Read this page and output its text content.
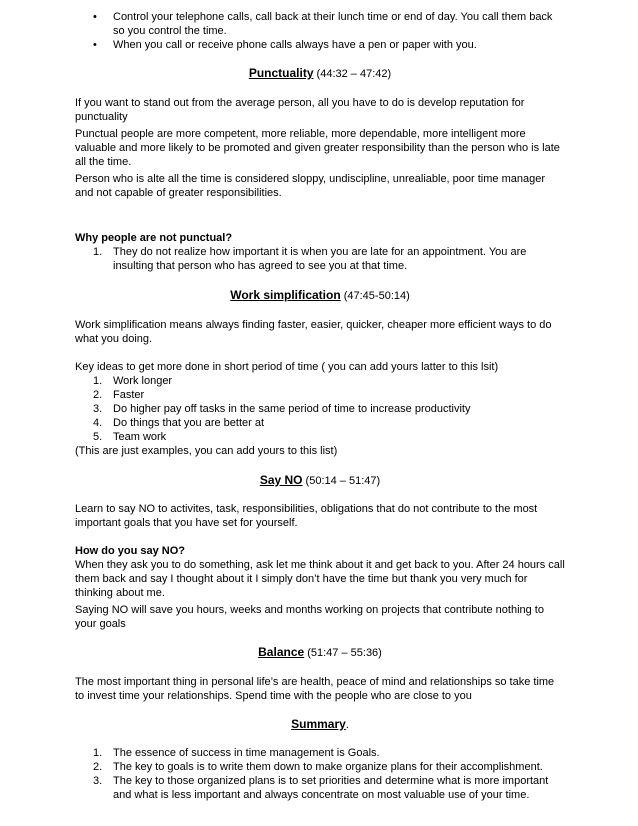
• Control your telephone calls, call back at their lunch time or end of day. You call them back so you control the time.
• When you call or receive phone calls always have a pen or paper with you.

Punctuality (44:32 – 47:42)

If you want to stand out from the average person, all you have to do is develop reputation for punctuality

Punctual people are more competent, more reliable, more dependable, more intelligent more valuable and more likely to be promoted and given greater responsibility than the person who is late all the time.

Person who is alte all the time is considered sloppy, undiscipline, unrealiable, poor time manager and not capable of greater responsibilities.

Why people are not punctual?

1. They do not realize how important it is when you are late for an appointment. You are insulting that person who has agreed to see you at that time.

Work simplification (47:45-50:14)

Work simplification means always finding faster, easier, quicker, cheaper more efficient ways to do what you doing.

Key ideas to get more done in short period of time ( you can add yours latter to this lsit)

1. Work longer
2. Faster
3. Do higher pay off tasks in the same period of time to increase productivity
4. Do things that you are better at
5. Team work

(This are just examples, you can add yours to this list)

Say NO (50:14 – 51:47)

Learn to say NO to activites, task, responsibilities, obligations that do not contribute to the most important goals that you have set for yourself.

How do you say NO?

When they ask you to do something, ask let me think about it and get back to you. After 24 hours call them back and say I thought about it I simply don’t have the time but thank you very much for thinking about me.

Saying NO will save you hours, weeks and months working on projects that contribute nothing to your goals

Balance (51:47 – 55:36)

The most important thing in personal life’s are health, peace of mind and relationships so take time to invest time your relationships. Spend time with the people who are close to you

Summary.

1. The essence of success in time management is Goals.
2. The key to goals is to write them down to make organize plans for their accomplishment.
3. The key to those organized plans is to set priorities and determine what is more important and what is less important and always concentrate on most valuable use of your time.
